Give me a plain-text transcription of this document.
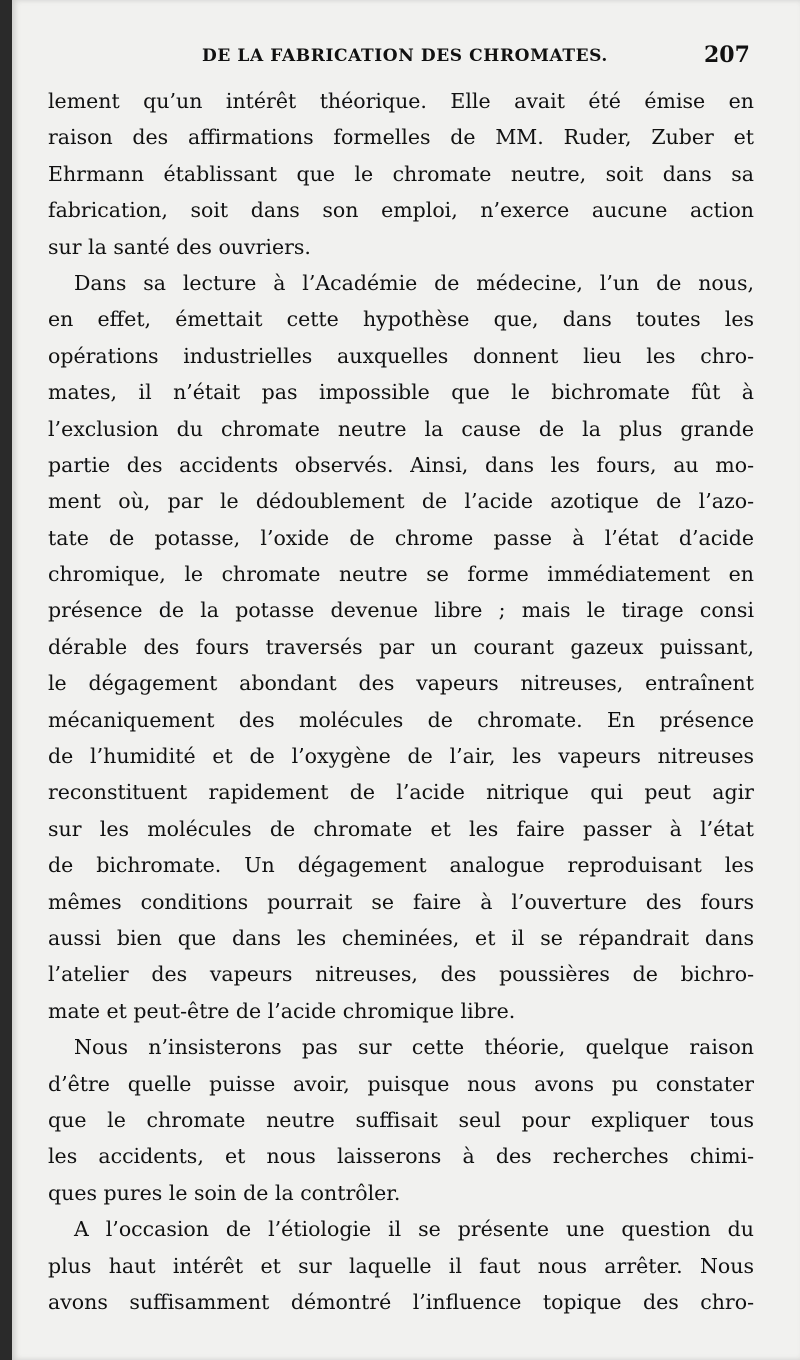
DE LA FABRICATION DES CHROMATES.	207
lement qu’un intérêt théorique. Elle avait été émise en
raison des affirmations formelles de MM. Ruder, Zuber et
Ehrmann établissant que le chromate neutre, soit dans sa
fabrication, soit dans son emploi, n’exerce aucune action
sur la santé des ouvriers.
Dans sa lecture à l’Académie de médecine, l’un de nous,
en effet, émettait cette hypothèse que, dans toutes les
opérations industrielles auxquelles donnent lieu les chro-
mates, il n’était pas impossible que le bichromate fût à
l’exclusion du chromate neutre la cause de la plus grande
partie des accidents observés. Ainsi, dans les fours, au mo-
ment où, par le dédoublement de l’acide azotique de l’azo-
tate de potasse, l’oxide de chrome passe à l’état d’acide
chromique, le chromate neutre se forme immédiatement en
présence de la potasse devenue libre ; mais le tirage consi
dérable des fours traversés par un courant gazeux puissant,
le dégagement abondant des vapeurs nitreuses, entraînent
mécaniquement des molécules de chromate. En présence
de l’humidité et de l’oxygène de l’air, les vapeurs nitreuses
reconstituent rapidement de l’acide nitrique qui peut agir
sur les molécules de chromate et les faire passer à l’état
de bichromate. Un dégagement analogue reproduisant les
mêmes conditions pourrait se faire à l’ouverture des fours
aussi bien que dans les cheminées, et il se répandrait dans
l’atelier des vapeurs nitreuses, des poussières de bichro-
mate et peut-être de l’acide chromique libre.
Nous n’insisterons pas sur cette théorie, quelque raison
d’être quelle puisse avoir, puisque nous avons pu constater
que le chromate neutre suffisait seul pour expliquer tous
les accidents, et nous laisserons à des recherches chimi-
ques pures le soin de la contrôler.
A l’occasion de l’étiologie il se présente une question du
plus haut intérêt et sur laquelle il faut nous arrêter. Nous
avons suffisamment démontré l’influence topique des chro-
